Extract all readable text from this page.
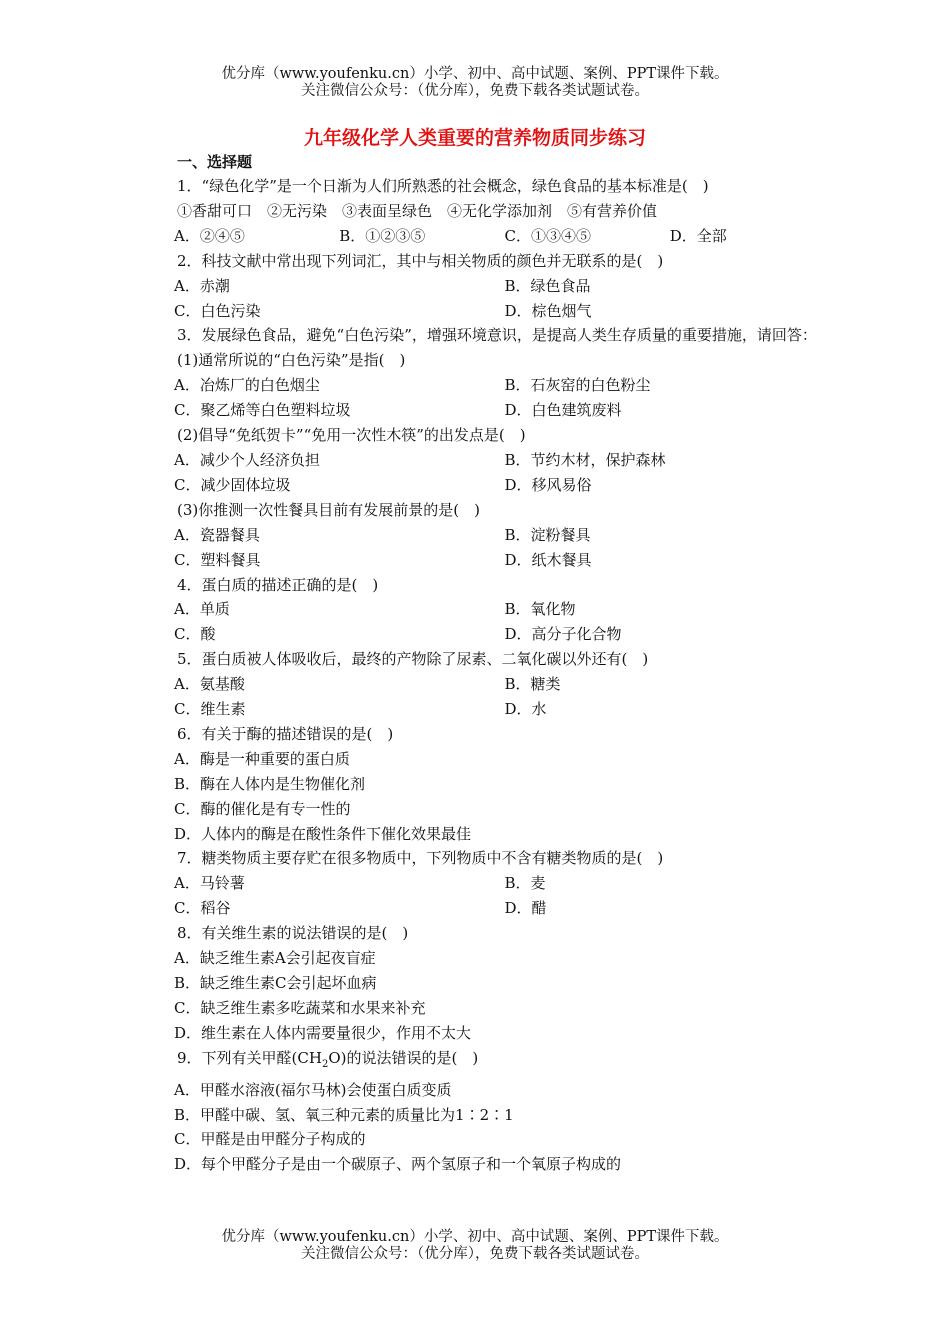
优分库（www.youfenku.cn）小学、初中、高中试题、案例、PPT课件下载。
关注微信公众号：（优分库），免费下载各类试题试卷。
九年级化学人类重要的营养物质同步练习
一、选择题

1．“绿色化学”是一个日渐为人们所熟悉的社会概念，绿色食品的基本标准是(　)

①香甜可口　②无污染　③表面呈绿色　④无化学添加剂　⑤有营养价值

A．②④⑤	B．①②③⑤	C．①③④⑤	D．全部

2．科技文献中常出现下列词汇，其中与相关物质的颜色并无联系的是(　)

A．赤潮	B．绿色食品

C．白色污染	D．棕色烟气

3．发展绿色食品，避免“白色污染”，增强环境意识，是提高人类生存质量的重要措施，请回答：

(1)通常所说的“白色污染”是指(　)

A．冶炼厂的白色烟尘	B．石灰窑的白色粉尘

C．聚乙烯等白色塑料垃圾	D．白色建筑废料

(2)倡导“免纸贺卡”“免用一次性木筷”的出发点是(　)

A．减少个人经济负担	B．节约木材，保护森林

C．减少固体垃圾	D．移风易俗

(3)你推测一次性餐具目前有发展前景的是(　)

A．瓷器餐具	B．淀粉餐具

C．塑料餐具	D．纸木餐具

4．蛋白质的描述正确的是(　)

A．单质	B．氧化物

C．酸	D．高分子化合物

5．蛋白质被人体吸收后，最终的产物除了尿素、二氧化碳以外还有(　)

A．氨基酸	B．糖类

C．维生素	D．水

6．有关于酶的描述错误的是(　)

A．酶是一种重要的蛋白质

B．酶在人体内是生物催化剂

C．酶的催化是有专一性的

D．人体内的酶是在酸性条件下催化效果最佳

7．糖类物质主要存贮在很多物质中，下列物质中不含有糖类物质的是(　)

A．马铃薯	B．麦

C．稻谷	D．醋

8．有关维生素的说法错误的是(　)

A．缺乏维生素A会引起夜盲症

B．缺乏维生素C会引起坏血病

C．缺乏维生素多吃蔬菜和水果来补充

D．维生素在人体内需要量很少，作用不太大

9．下列有关甲醛$(CH_2O)$的说法错误的是(　)

A．甲醛水溶液(福尔马林)会使蛋白质变质

B．甲醛中碳、氢、氧三种元素的质量比为1∶2∶1

C．甲醛是由甲醛分子构成的

D．每个甲醛分子是由一个碳原子、两个氢原子和一个氧原子构成的

优分库（www.youfenku.cn）小学、初中、高中试题、案例、PPT课件下载。
关注微信公众号：（优分库），免费下载各类试题试卷。
